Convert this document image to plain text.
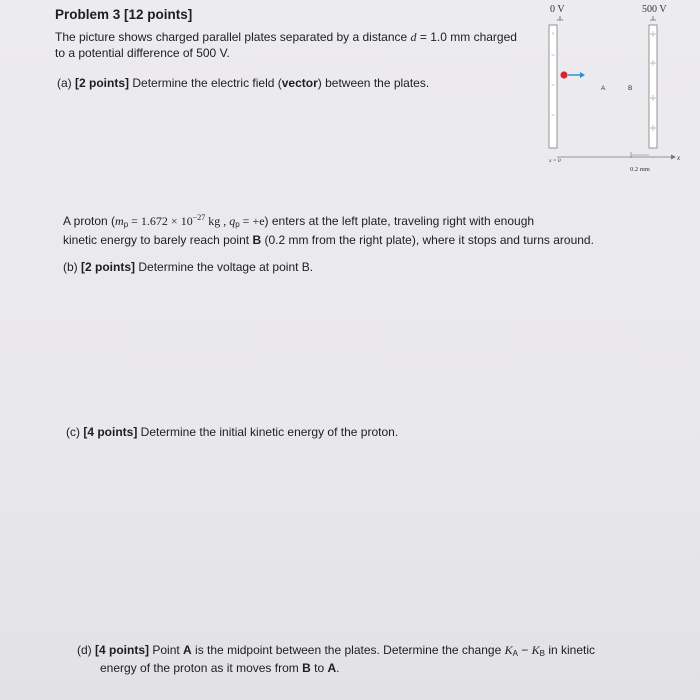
Problem 3 [12 points]
The picture shows charged parallel plates separated by a distance d = 1.0 mm charged
to a potential difference of 500 V.
(a) [2 points] Determine the electric field (vector) between the plates.
0 V	500 V
A	B
x
x = 0
0.2 mm
A proton ($m_p = 1.672 \times 10^{-27}$ kg , $q_p = +e$) enters at the left plate, traveling right with enough
kinetic energy to barely reach point B (0.2 mm from the right plate), where it stops and turns around.
(b) [2 points] Determine the voltage at point B.
(c) [4 points] Determine the initial kinetic energy of the proton.
(d) [4 points] Point A is the midpoint between the plates. Determine the change $K_A - K_B$ in kinetic
energy of the proton as it moves from B to A.
